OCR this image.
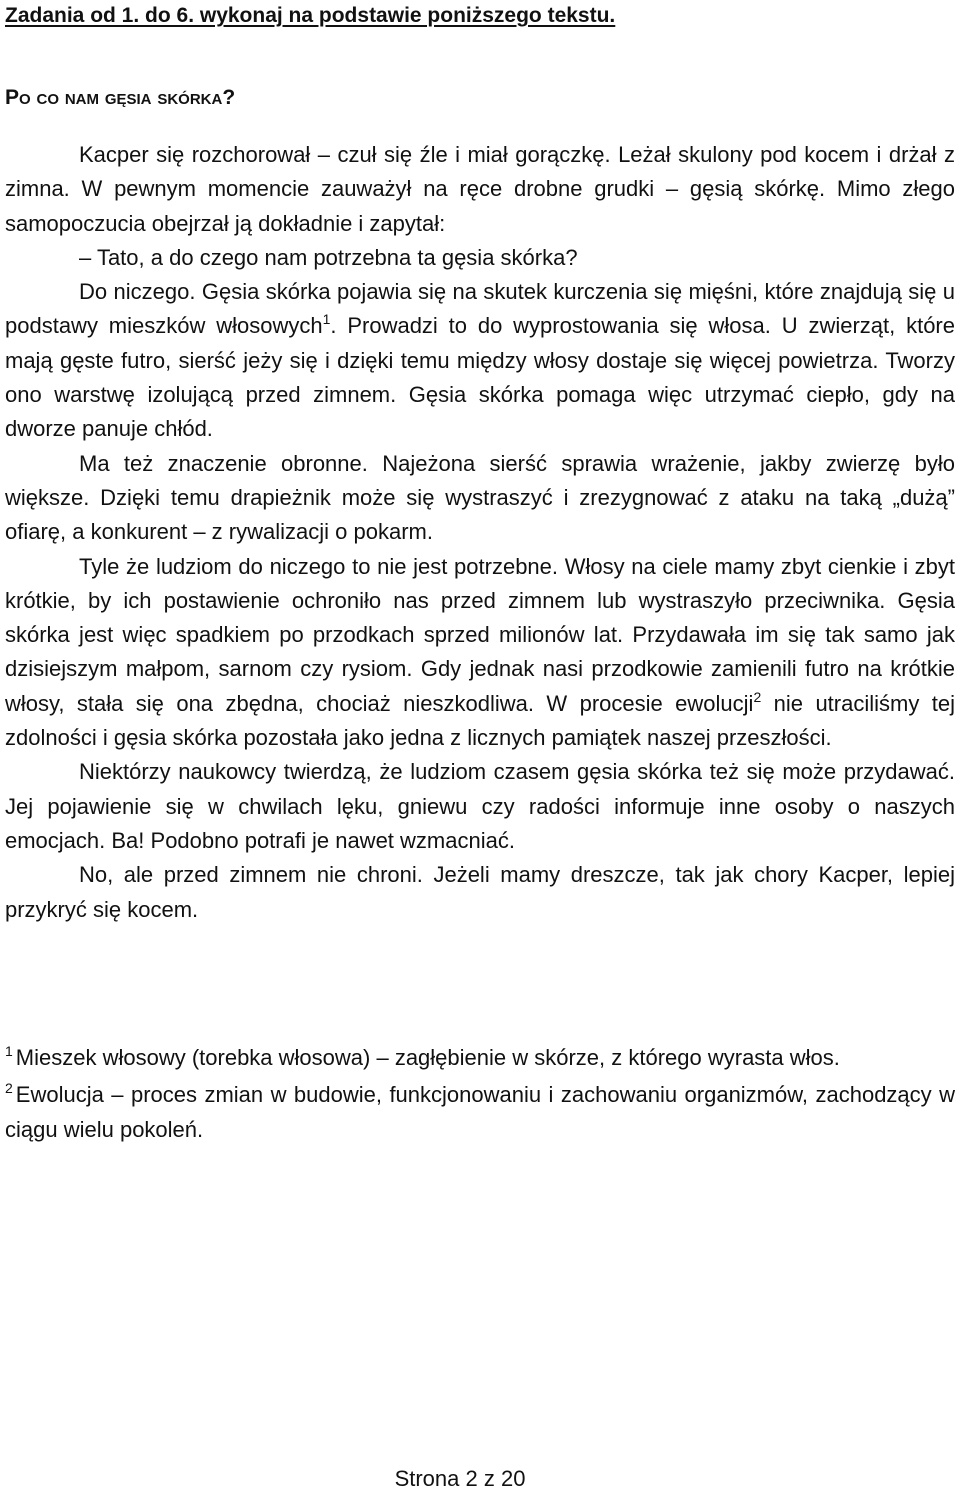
Zadania od 1. do 6. wykonaj na podstawie poniższego tekstu.
Po co nam gęsia skórka?

Kacper się rozchorował – czuł się źle i miał gorączkę. Leżał skulony pod kocem i drżał z zimna. W pewnym momencie zauważył na ręce drobne grudki – gęsią skórkę. Mimo złego samopoczucia obejrzał ją dokładnie i zapytał:

– Tato, a do czego nam potrzebna ta gęsia skórka?

Do niczego. Gęsia skórka pojawia się na skutek kurczenia się mięśni, które znajdują się u podstawy mieszków włosowych$^1$. Prowadzi to do wyprostowania się włosa. U zwierząt, które mają gęste futro, sierść jeży się i dzięki temu między włosy dostaje się więcej powietrza. Tworzy ono warstwę izolującą przed zimnem. Gęsia skórka pomaga więc utrzymać ciepło, gdy na dworze panuje chłód.

Ma też znaczenie obronne. Najeżona sierść sprawia wrażenie, jakby zwierzę było większe. Dzięki temu drapieżnik może się wystraszyć i zrezygnować z ataku na taką „dużą” ofiarę, a konkurent – z rywalizacji o pokarm.

Tyle że ludziom do niczego to nie jest potrzebne. Włosy na ciele mamy zbyt cienkie i zbyt krótkie, by ich postawienie ochroniło nas przed zimnem lub wystraszyło przeciwnika. Gęsia skórka jest więc spadkiem po przodkach sprzed milionów lat. Przydawała im się tak samo jak dzisiejszym małpom, sarnom czy rysiom. Gdy jednak nasi przodkowie zamienili futro na krótkie włosy, stała się ona zbędna, chociaż nieszkodliwa. W procesie ewolucji$^2$ nie utraciliśmy tej zdolności i gęsia skórka pozostała jako jedna z licznych pamiątek naszej przeszłości.

Niektórzy naukowcy twierdzą, że ludziom czasem gęsia skórka też się może przydawać. Jej pojawienie się w chwilach lęku, gniewu czy radości informuje inne osoby o naszych emocjach. Ba! Podobno potrafi je nawet wzmacniać.

No, ale przed zimnem nie chroni. Jeżeli mamy dreszcze, tak jak chory Kacper, lepiej przykryć się kocem.

$^1$ Mieszek włosowy (torebka włosowa) – zagłębienie w skórze, z którego wyrasta włos.

$^2$ Ewolucja – proces zmian w budowie, funkcjonowaniu i zachowaniu organizmów, zachodzący w ciągu wielu pokoleń.

Strona 2 z 20
